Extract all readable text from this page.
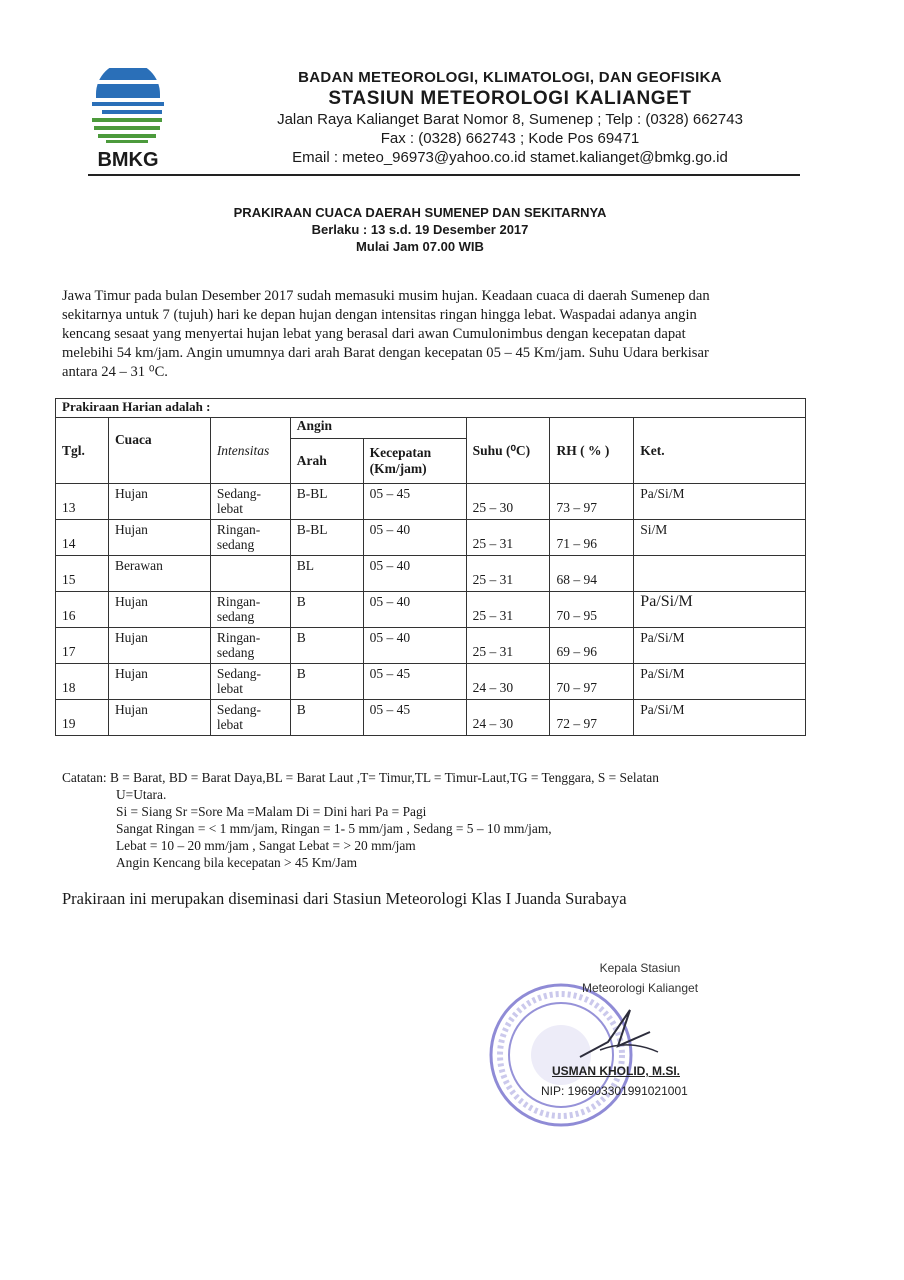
BMKG
BADAN METEOROLOGI, KLIMATOLOGI, DAN GEOFISIKA
STASIUN METEOROLOGI KALIANGET
Jalan Raya Kalianget Barat Nomor 8, Sumenep ; Telp : (0328) 662743
Fax : (0328) 662743 ; Kode Pos 69471
Email : meteo_96973@yahoo.co.id stamet.kalianget@bmkg.go.id
PRAKIRAAN CUACA DAERAH SUMENEP DAN SEKITARNYA
Berlaku : 13 s.d. 19 Desember 2017
Mulai Jam 07.00 WIB
Jawa Timur pada bulan Desember 2017 sudah memasuki musim hujan. Keadaan cuaca di daerah Sumenep dan
sekitarnya untuk 7 (tujuh) hari ke depan hujan dengan intensitas ringan hingga lebat. Waspadai adanya angin
kencang sesaat yang menyertai hujan lebat yang berasal dari awan Cumulonimbus dengan kecepatan dapat
melebihi 54 km/jam. Angin umumnya dari arah Barat dengan kecepatan 05 – 45 Km/jam. Suhu Udara berkisar
antara 24 – 31 ⁰C.
Prakiraan Harian adalah :							
Tgl.	Cuaca	Intensitas	Angin		Suhu (⁰C)	RH ( % )	Ket.
			Arah	Kecepatan (Km/jam)			

13	Hujan	Sedang-
lebat	B-BL	05 – 45	25 – 30	73 – 97	Pa/Si/M

14	Hujan	Ringan-
sedang	B-BL	05 – 40	25 – 31	71 – 96	Si/M

15	Berawan		BL	05 – 40	25 – 31	68 – 94	

16	Hujan	Ringan-
sedang	B	05 – 40	25 – 31	70 – 95	Pa/Si/M

17	Hujan	Ringan-
sedang	B	05 – 40	25 – 31	69 – 96	Pa/Si/M

18	Hujan	Sedang-
lebat	B	05 – 45	24 – 30	70 – 97	Pa/Si/M

19	Hujan	Sedang-
lebat	B	05 – 45	24 – 30	72 – 97	Pa/Si/M
Catatan: B = Barat, BD = Barat Daya,BL = Barat Laut ,T= Timur,TL = Timur-Laut,TG = Tenggara, S = Selatan
U=Utara.
Si = Siang Sr =Sore Ma =Malam Di = Dini hari Pa = Pagi
Sangat Ringan = < 1 mm/jam, Ringan = 1- 5 mm/jam , Sedang = 5 – 10 mm/jam,
Lebat = 10 – 20 mm/jam , Sangat Lebat = > 20 mm/jam
Angin Kencang bila kecepatan > 45 Km/Jam
Prakiraan ini merupakan diseminasi dari Stasiun Meteorologi Klas I Juanda Surabaya
Kepala Stasiun
Meteorologi Kalianget
USMAN KHOLID, M.SI.
NIP: 196903301991021001
